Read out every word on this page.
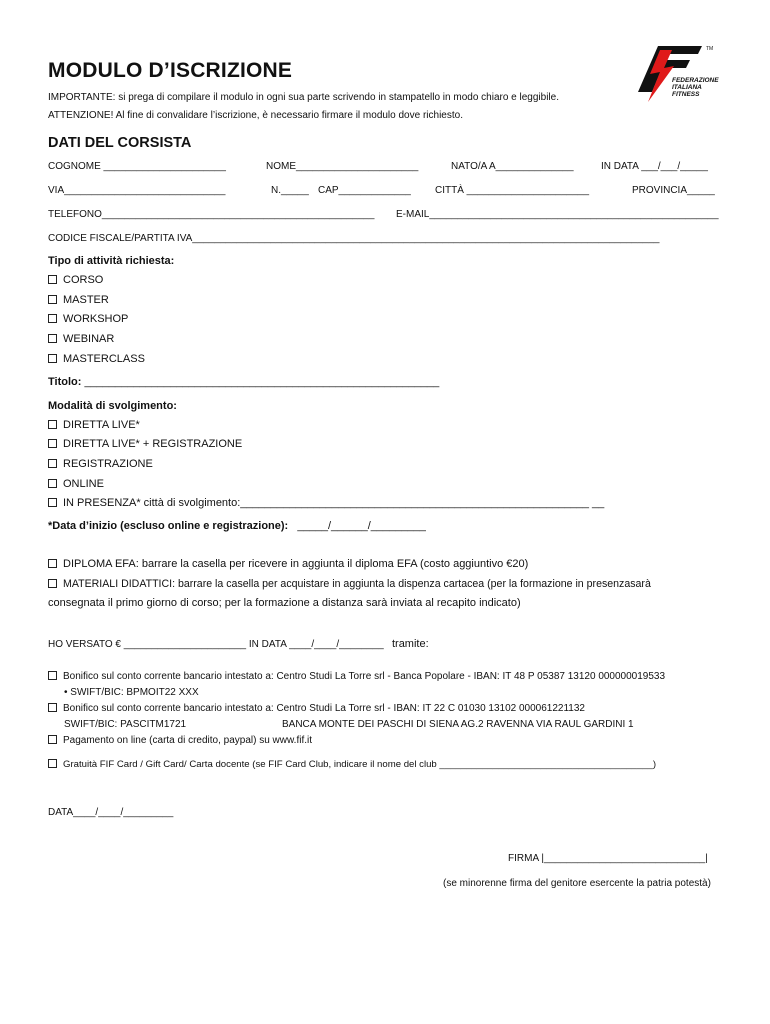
MODULO D’ISCRIZIONE
IMPORTANTE: si prega di compilare il modulo in ogni sua parte scrivendo in stampatello in modo chiaro e leggibile.
ATTENZIONE! Al fine di convalidare l’iscrizione, è necessario firmare il modulo dove richiesto.
TM
FEDERAZIONE
ITALIANA
FITNESS
DATI DEL CORSISTA
COGNOME ______________________	NOME______________________	NATO/A A______________	IN DATA ___/___/_____
VIA_____________________________	N._____ CAP_____________ CITTÀ ______________________	PROVINCIA_____
TELEFONO_________________________________________________ E-MAIL____________________________________________________
CODICE FISCALE/PARTITA IVA____________________________________________________________________________________
Tipo di attività richiesta:
CORSO
MASTER
WORKSHOP
WEBINAR
MASTERCLASS
Titolo: __________________________________________________________
Modalità di svolgimento:
DIRETTA LIVE*
DIRETTA LIVE* + REGISTRAZIONE
REGISTRAZIONE
ONLINE
IN PRESENZA* città di svolgimento:_________________________________________________________ __
*Data d’inizio (escluso online e registrazione): _____/______/_________
DIPLOMA EFA: barrare la casella per ricevere in aggiunta il diploma EFA (costo aggiuntivo €20)
MATERIALI DIDATTICI: barrare la casella per acquistare in aggiunta la dispenza cartacea (per la formazione in presenzasarà
consegnata il primo giorno di corso; per la formazione a distanza sarà inviata al recapito indicato)
HO VERSATO € ______________________ IN DATA ____/____/________ tramite:
Bonifico sul conto corrente bancario intestato a: Centro Studi La Torre srl - Banca Popolare - IBAN: IT 48 P 05387 13120 000000019533
• SWIFT/BIC: BPMOIT22 XXX
Bonifico sul conto corrente bancario intestato a: Centro Studi La Torre srl - IBAN: IT 22 C 01030 13102 000061221132
SWIFT/BIC: PASCITM1721	BANCA MONTE DEI PASCHI DI SIENA AG.2 RAVENNA VIA RAUL GARDINI 1
Pagamento on line (carta di credito, paypal) su www.fif.it
Gratuità FIF Card / Gift Card/ Carta docente (se FIF Card Club, indicare il nome del club ________________________________________)
DATA____/____/_________
FIRMA |_____________________________|
(se minorenne firma del genitore esercente la patria potestà)
